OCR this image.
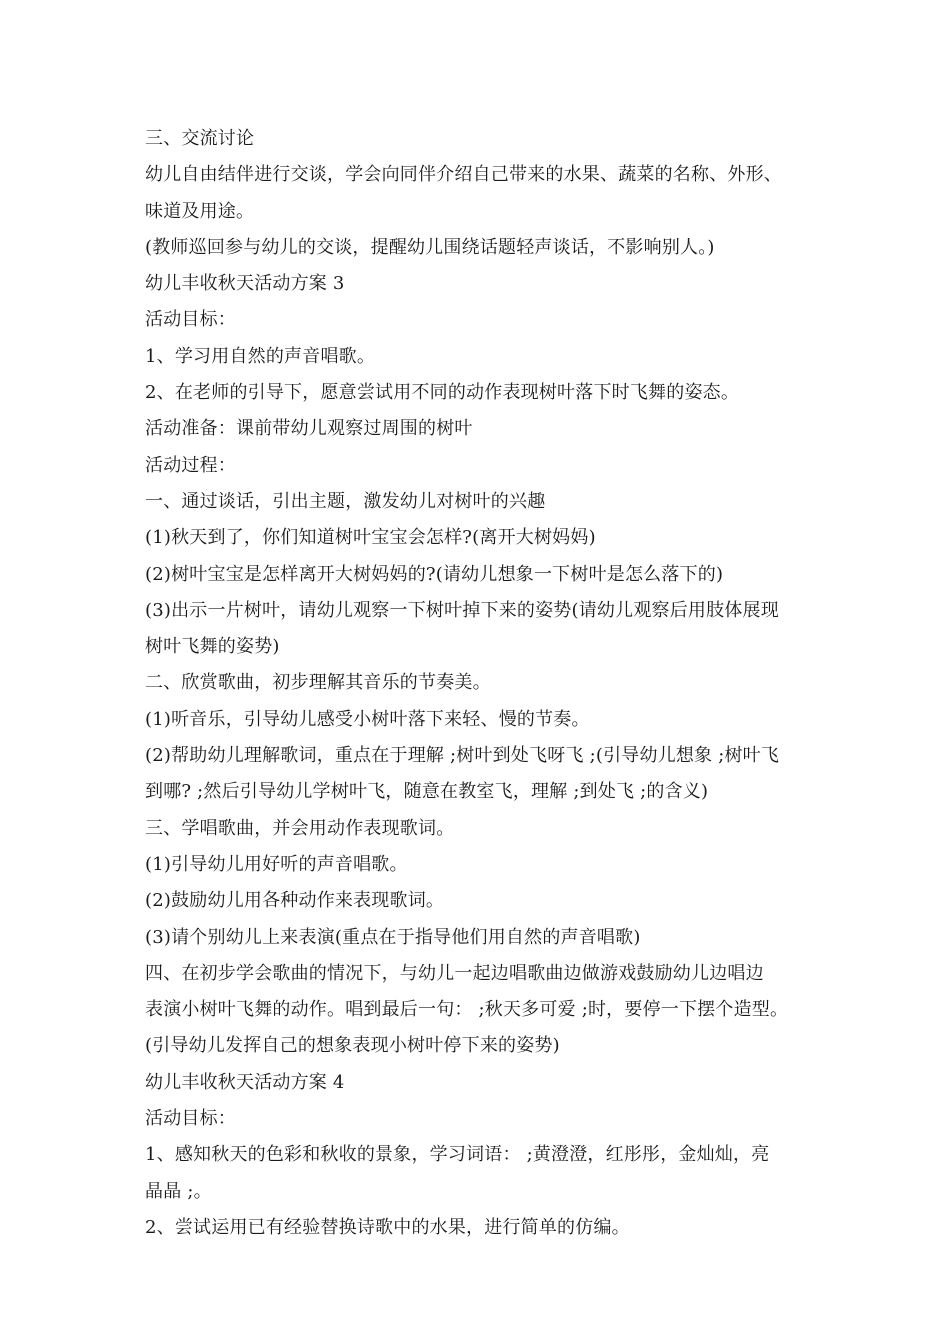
三、交流讨论
幼儿自由结伴进行交谈，学会向同伴介绍自己带来的水果、蔬菜的名称、外形、
味道及用途。
(教师巡回参与幼儿的交谈，提醒幼儿围绕话题轻声谈话，不影响别人。)
幼儿丰收秋天活动方案 3
活动目标：
1、学习用自然的声音唱歌。
2、在老师的引导下，愿意尝试用不同的动作表现树叶落下时飞舞的姿态。
活动准备：课前带幼儿观察过周围的树叶
活动过程：
一、通过谈话，引出主题，激发幼儿对树叶的兴趣
(1)秋天到了，你们知道树叶宝宝会怎样?(离开大树妈妈)
(2)树叶宝宝是怎样离开大树妈妈的?(请幼儿想象一下树叶是怎么落下的)
(3)出示一片树叶，请幼儿观察一下树叶掉下来的姿势(请幼儿观察后用肢体展现
树叶飞舞的姿势)
二、欣赏歌曲，初步理解其音乐的节奏美。
(1)听音乐，引导幼儿感受小树叶落下来轻、慢的节奏。
(2)帮助幼儿理解歌词，重点在于理解 ;树叶到处飞呀飞 ;(引导幼儿想象 ;树叶飞
到哪? ;然后引导幼儿学树叶飞，随意在教室飞，理解 ;到处飞 ;的含义)
三、学唱歌曲，并会用动作表现歌词。
(1)引导幼儿用好听的声音唱歌。
(2)鼓励幼儿用各种动作来表现歌词。
(3)请个别幼儿上来表演(重点在于指导他们用自然的声音唱歌)
四、在初步学会歌曲的情况下，与幼儿一起边唱歌曲边做游戏鼓励幼儿边唱边
表演小树叶飞舞的动作。唱到最后一句： ;秋天多可爱 ;时，要停一下摆个造型。
(引导幼儿发挥自己的想象表现小树叶停下来的姿势)
幼儿丰收秋天活动方案 4
活动目标：
1、感知秋天的色彩和秋收的景象，学习词语： ;黄澄澄，红彤彤，金灿灿，亮
晶晶 ;。
2、尝试运用已有经验替换诗歌中的水果，进行简单的仿编。
